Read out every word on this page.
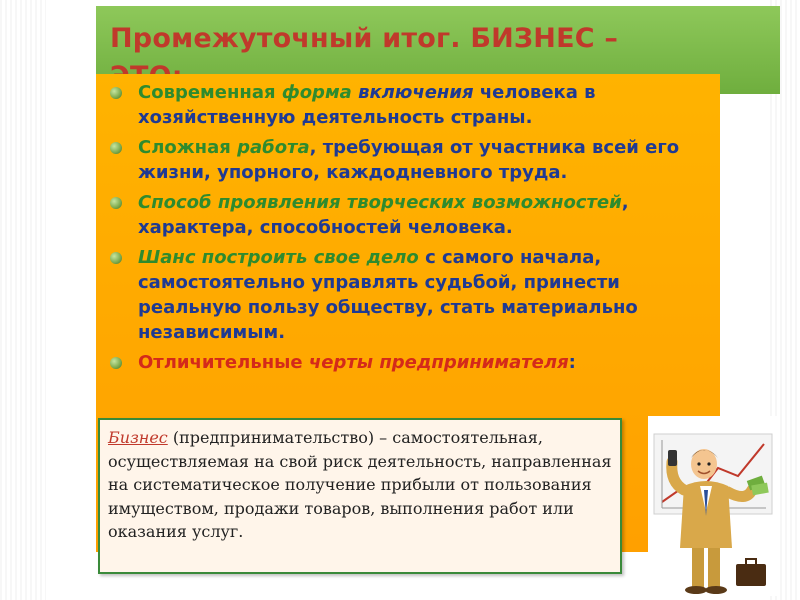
Промежуточный итог. БИЗНЕС –
Современная форма включения человека в хозяйственную деятельность страны.
Сложная работа, требующая от участника всей его жизни, упорного, каждодневного труда.
Способ проявления творческих возможностей, характера, способностей человека.
Шанс построить свое дело с самого начала, самостоятельно управлять судьбой, принести реальную пользу обществу, стать материально независимым.
Отличительные черты предпринимателя:
Бизнес (предпринимательство) – самостоятельная, осуществляемая на свой риск деятельность, направленная на систематическое получение прибыли от пользования имуществом, продажи товаров, выполнения работ или оказания услуг.
